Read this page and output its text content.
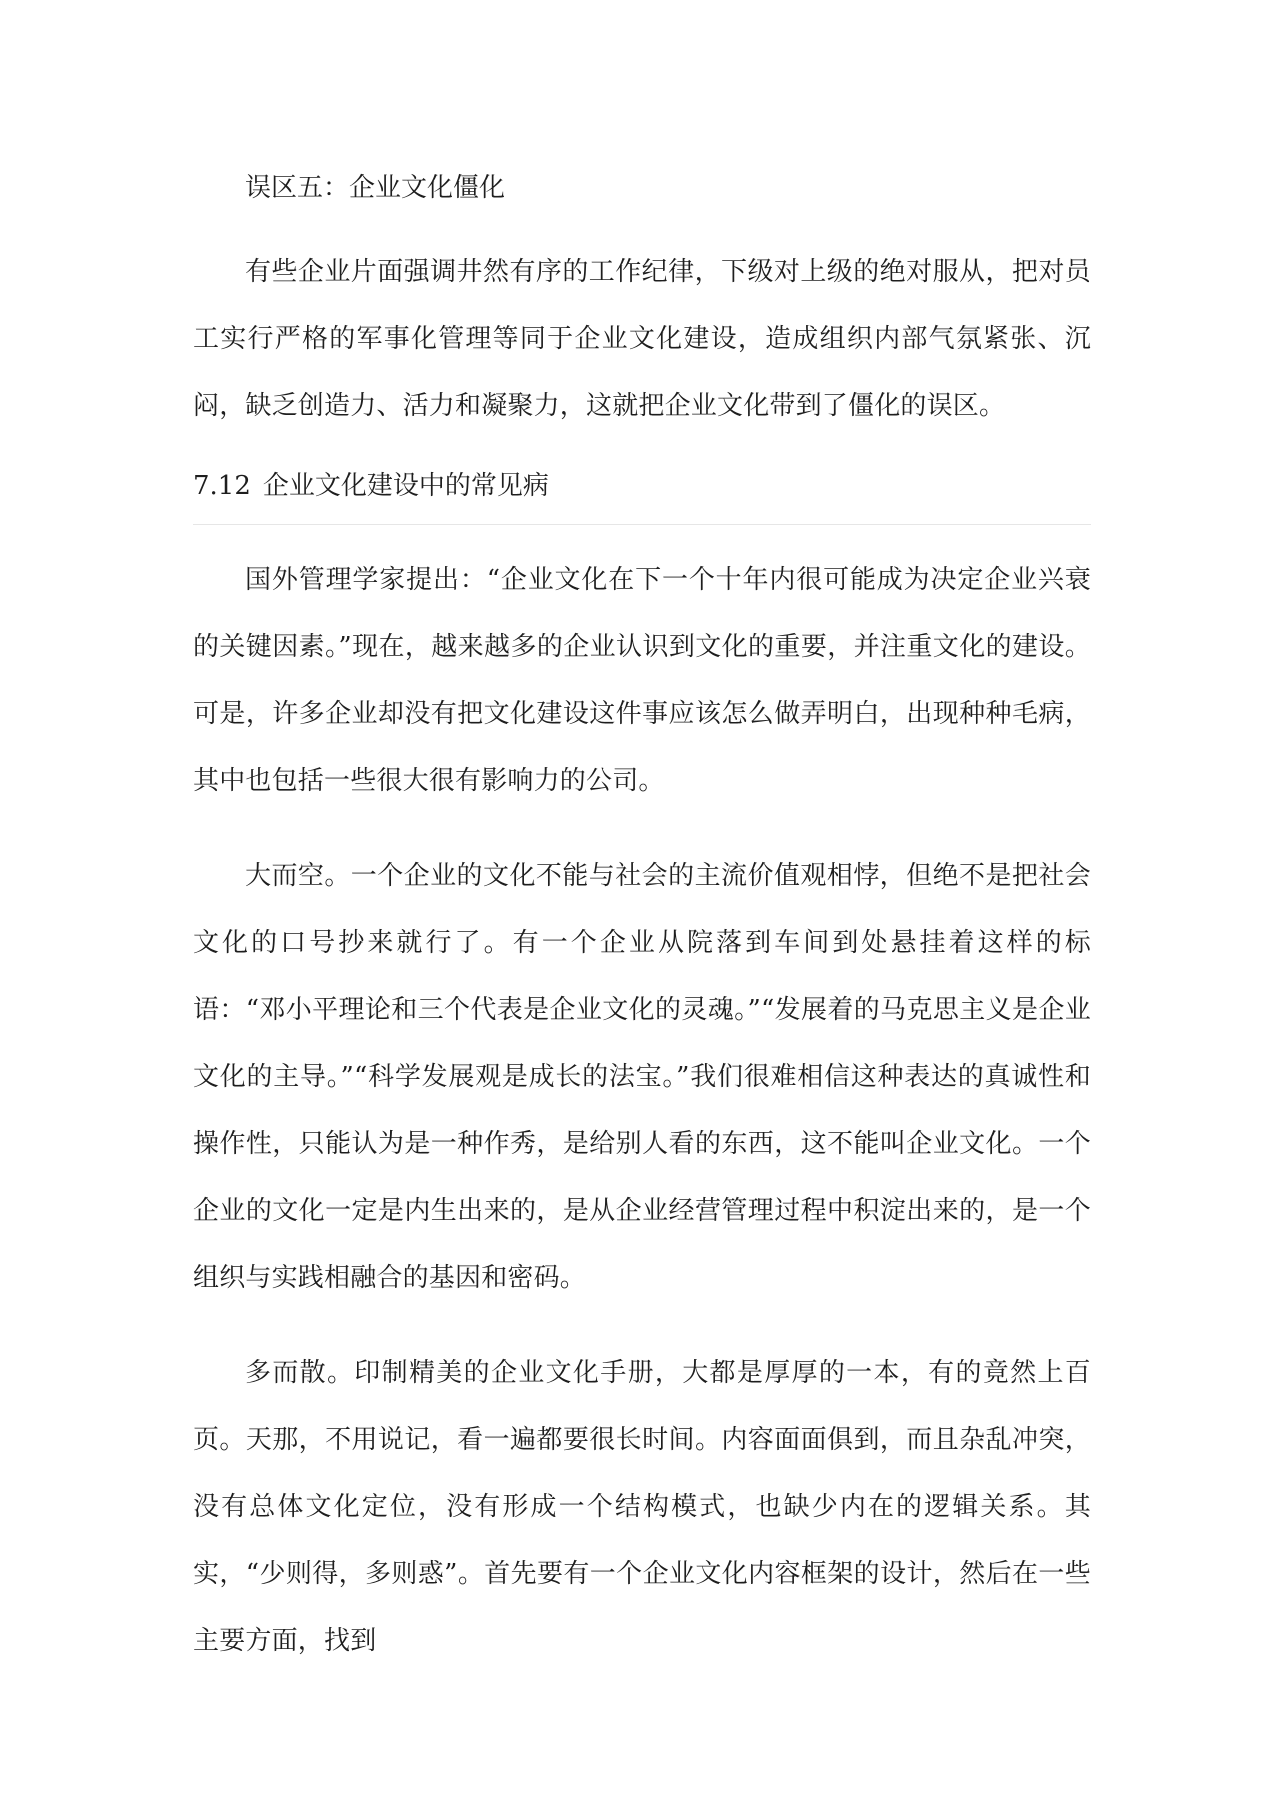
误区五：企业文化僵化

有些企业片面强调井然有序的工作纪律，下级对上级的绝对服从，把对员工实行严格的军事化管理等同于企业文化建设，造成组织内部气氛紧张、沉闷，缺乏创造力、活力和凝聚力，这就把企业文化带到了僵化的误区。

7.12 企业文化建设中的常见病

国外管理学家提出：“企业文化在下一个十年内很可能成为决定企业兴衰的关键因素。”现在，越来越多的企业认识到文化的重要，并注重文化的建设。可是，许多企业却没有把文化建设这件事应该怎么做弄明白，出现种种毛病，其中也包括一些很大很有影响力的公司。

大而空。一个企业的文化不能与社会的主流价值观相悖，但绝不是把社会文化的口号抄来就行了。有一个企业从院落到车间到处悬挂着这样的标语：“邓小平理论和三个代表是企业文化的灵魂。”“发展着的马克思主义是企业文化的主导。”“科学发展观是成长的法宝。”我们很难相信这种表达的真诚性和操作性，只能认为是一种作秀，是给别人看的东西，这不能叫企业文化。一个企业的文化一定是内生出来的，是从企业经营管理过程中积淀出来的，是一个组织与实践相融合的基因和密码。

多而散。印制精美的企业文化手册，大都是厚厚的一本，有的竟然上百页。天那，不用说记，看一遍都要很长时间。内容面面俱到，而且杂乱冲突，没有总体文化定位，没有形成一个结构模式，也缺少内在的逻辑关系。其实，“少则得，多则惑”。首先要有一个企业文化内容框架的设计，然后在一些主要方面，找到
